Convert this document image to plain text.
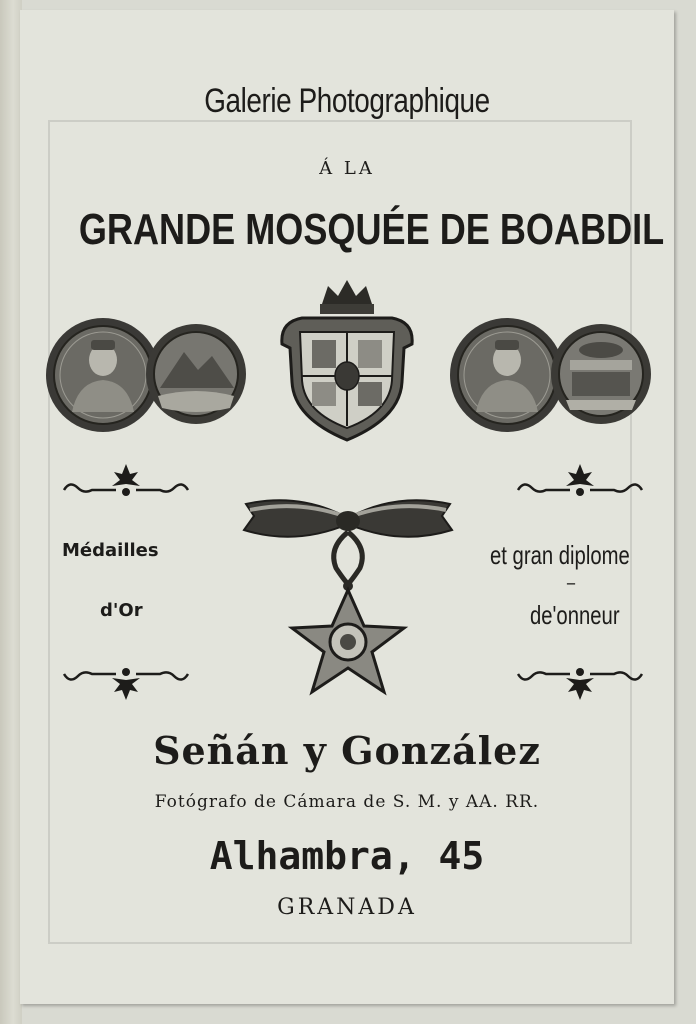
Galerie Photographique
Á LA
GRANDE MOSQUÉE DE BOABDIL
Médailles
d'Or
et gran diplome
–
de'onneur
Señán y González
Fotógrafo de Cámara de S. M. y AA. RR.
Alhambra, 45
GRANADA
